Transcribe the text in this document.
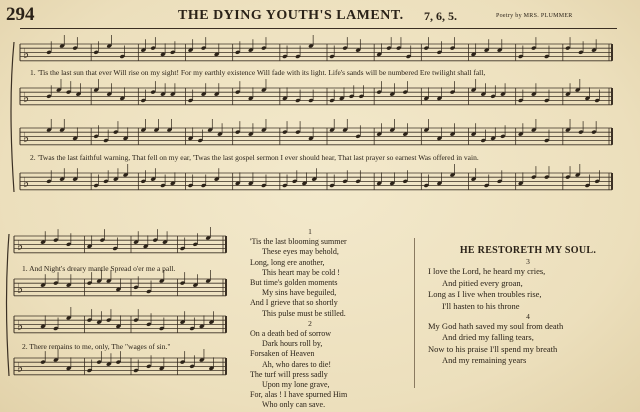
294	THE DYING YOUTH'S LAMENT. 7, 6, 5.	Poetry by MRS. PLUMMER
♭
♭
♭
♭
♭
♭
♭
♭
1. 'Tis the last sun that ever Will rise on my sight! For my earthly existence Will fade with its light. Life's sands will be numbered Ere twilight shall fall,
2. 'Twas the last faithful warning, That fell on my ear, 'Twas the last gospel sermon I ever should hear, That last prayer so earnest Was offered in vain.
1. And Night's dreary mantle Spread o'er me a pall.
2. There remains to me, only, The "wages of sin."
1
'Tis the last blooming summer
These eyes may behold,
Long, long ere another,
This heart may be cold !
But time's golden moments
My sins have beguiled,
And I grieve that so shortly
This pulse must be stilled.
2
On a death bed of sorrow
Dark hours roll by,
Forsaken of Heaven
Ah, who dares to die!
The turf will press sadly
Upon my lone grave,
For, alas ! I have spurned Him
Who only can save.
HE RESTORETH MY SOUL.
3
I love the Lord, he heard my cries,
And pitied every groan,
Long as I live when troubles rise,
I'll hasten to his throne
4
My God hath saved my soul from death
And dried my falling tears,
Now to his praise I'll spend my breath
And my remaining years
